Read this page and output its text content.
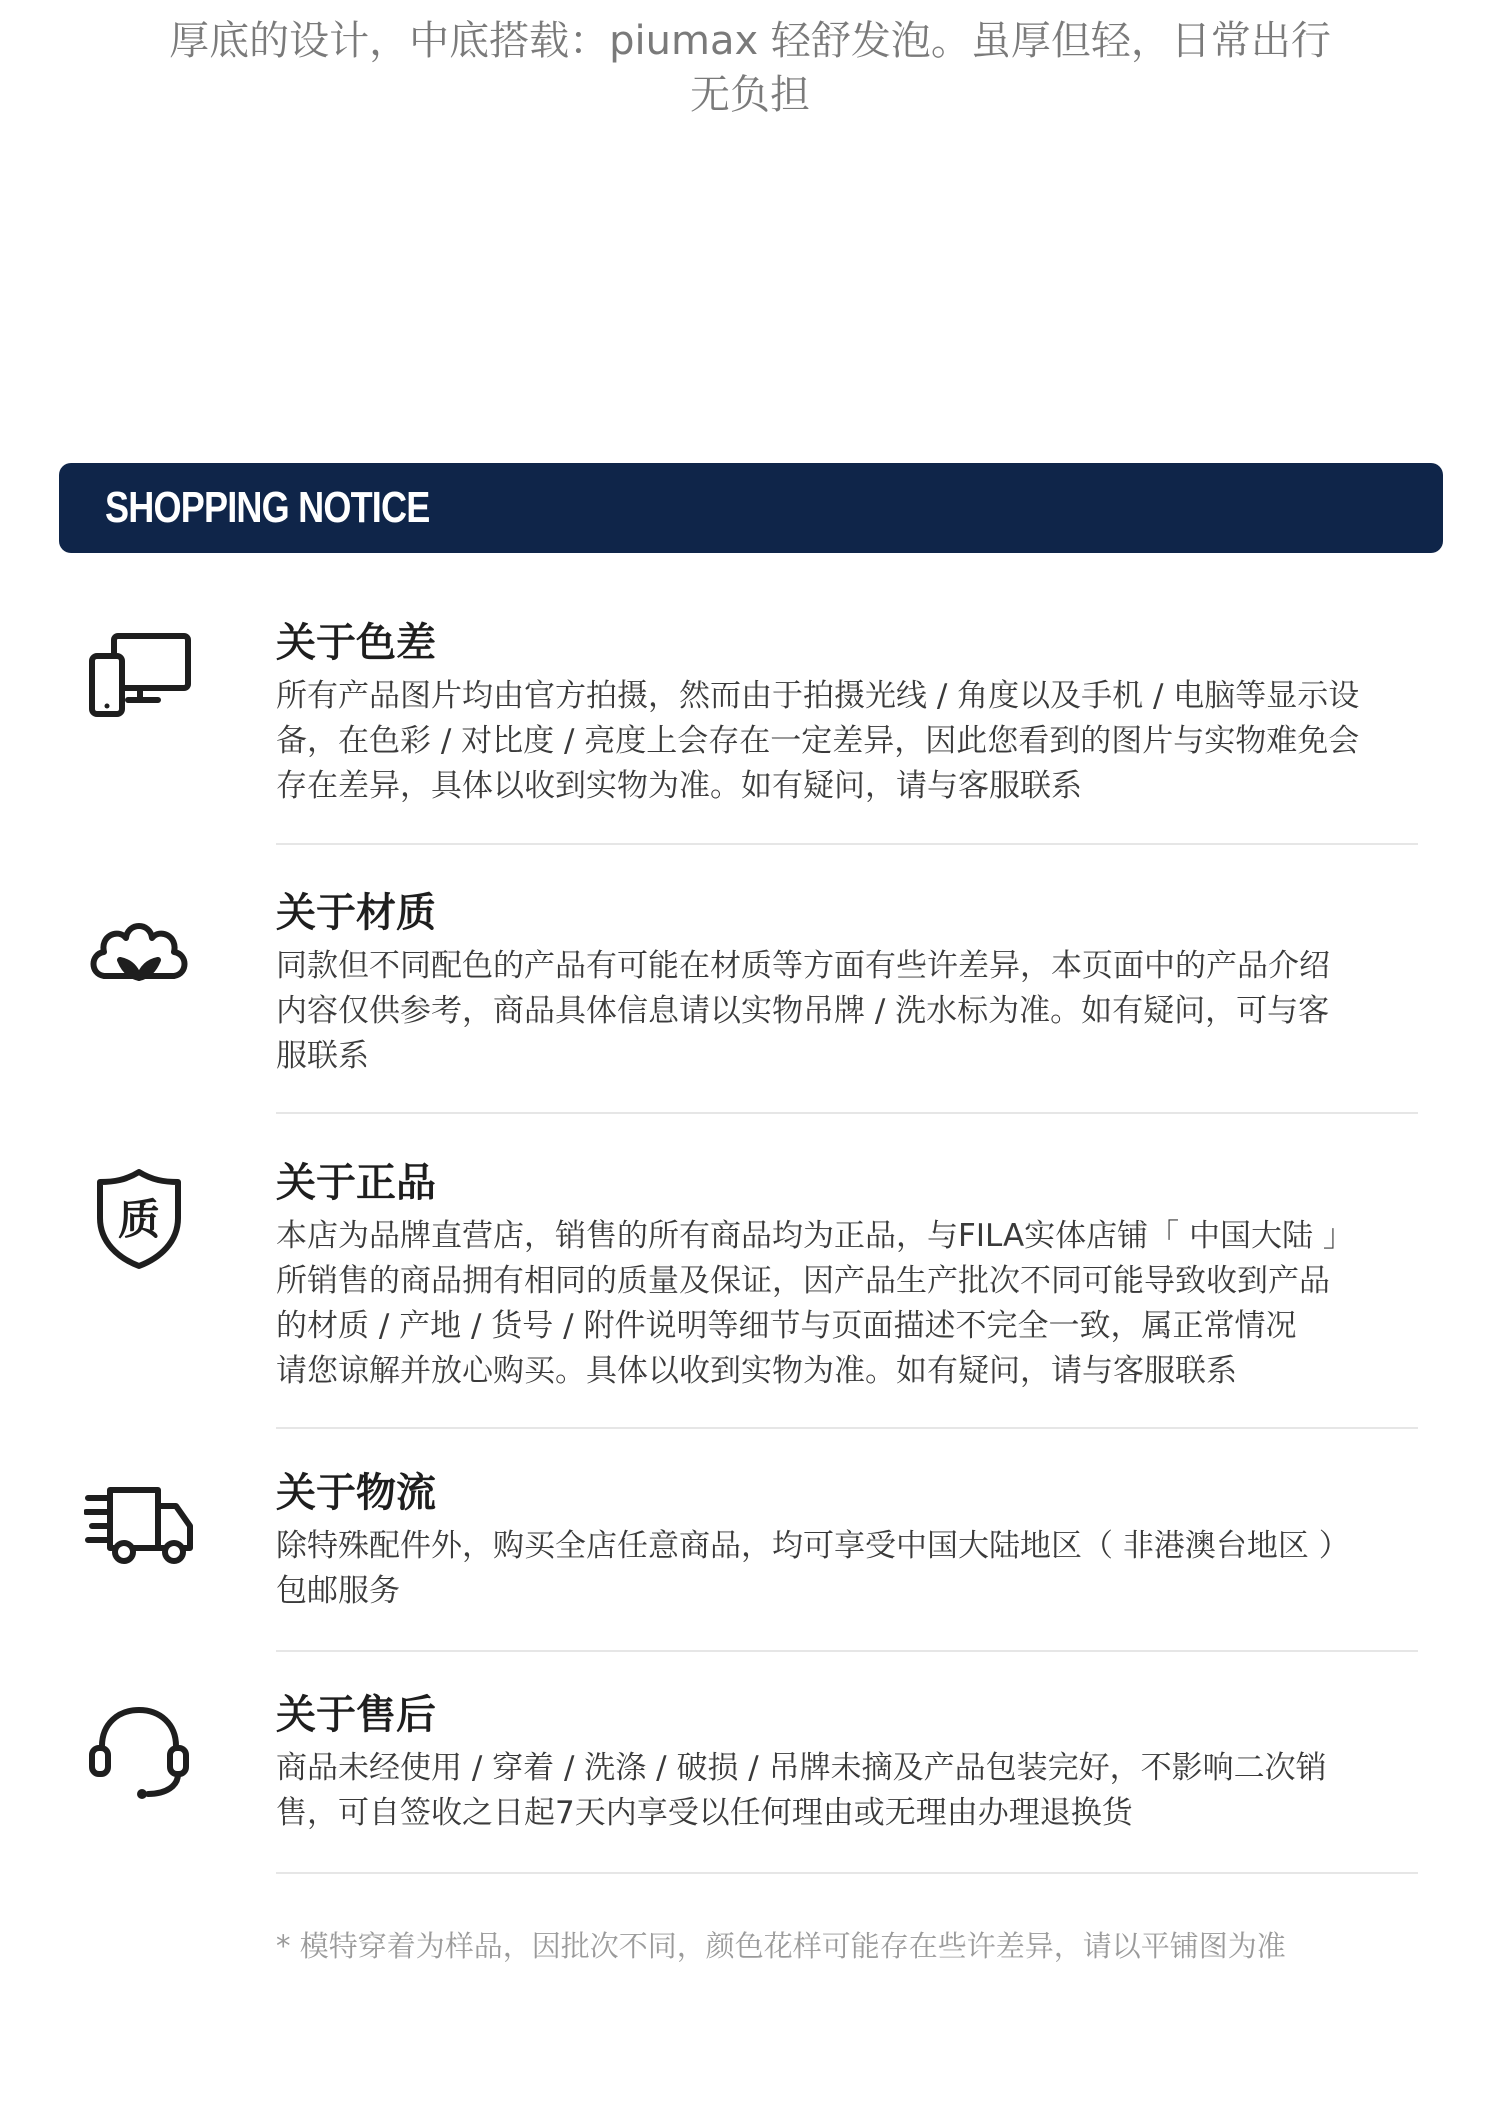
厚底的设计，中底搭载：piumax 轻舒发泡。虽厚但轻，日常出行
无负担
SHOPPING NOTICE
关于色差
所有产品图片均由官方拍摄，然而由于拍摄光线 / 角度以及手机 / 电脑等显示设
备，在色彩 / 对比度 / 亮度上会存在一定差异，因此您看到的图片与实物难免会
存在差异，具体以收到实物为准。如有疑问，请与客服联系
关于材质
同款但不同配色的产品有可能在材质等方面有些许差异，本页面中的产品介绍
内容仅供参考，商品具体信息请以实物吊牌 / 洗水标为准。如有疑问，可与客
服联系
质
关于正品
本店为品牌直营店，销售的所有商品均为正品，与FILA实体店铺「 中国大陆 」
所销售的商品拥有相同的质量及保证，因产品生产批次不同可能导致收到产品
的材质 / 产地 / 货号 / 附件说明等细节与页面描述不完全一致，属正常情况
请您谅解并放心购买。具体以收到实物为准。如有疑问，请与客服联系
关于物流
除特殊配件外，购买全店任意商品，均可享受中国大陆地区（ 非港澳台地区 ）
包邮服务
关于售后
商品未经使用 / 穿着 / 洗涤 / 破损 / 吊牌未摘及产品包装完好，不影响二次销
售，可自签收之日起7天内享受以任何理由或无理由办理退换货
* 模特穿着为样品，因批次不同，颜色花样可能存在些许差异，请以平铺图为准
